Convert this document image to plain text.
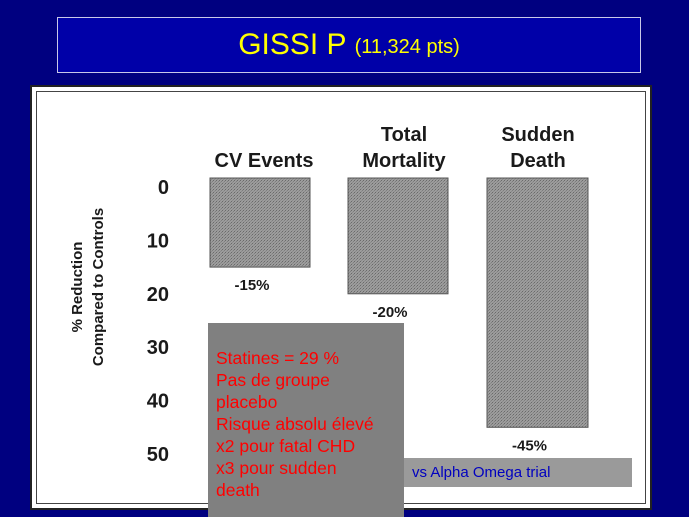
GISSI P (11,324 pts)
% Reduction Compared to Controls
0
10
20
30
40
50
CV Events
Total
Mortality
Sudden
Death
-15%
-20%
-45%
Statines = 29 %
Pas de groupe
placebo
Risque absolu élevé
x2 pour fatal CHD
x3 pour sudden
death
vs Alpha Omega trial
